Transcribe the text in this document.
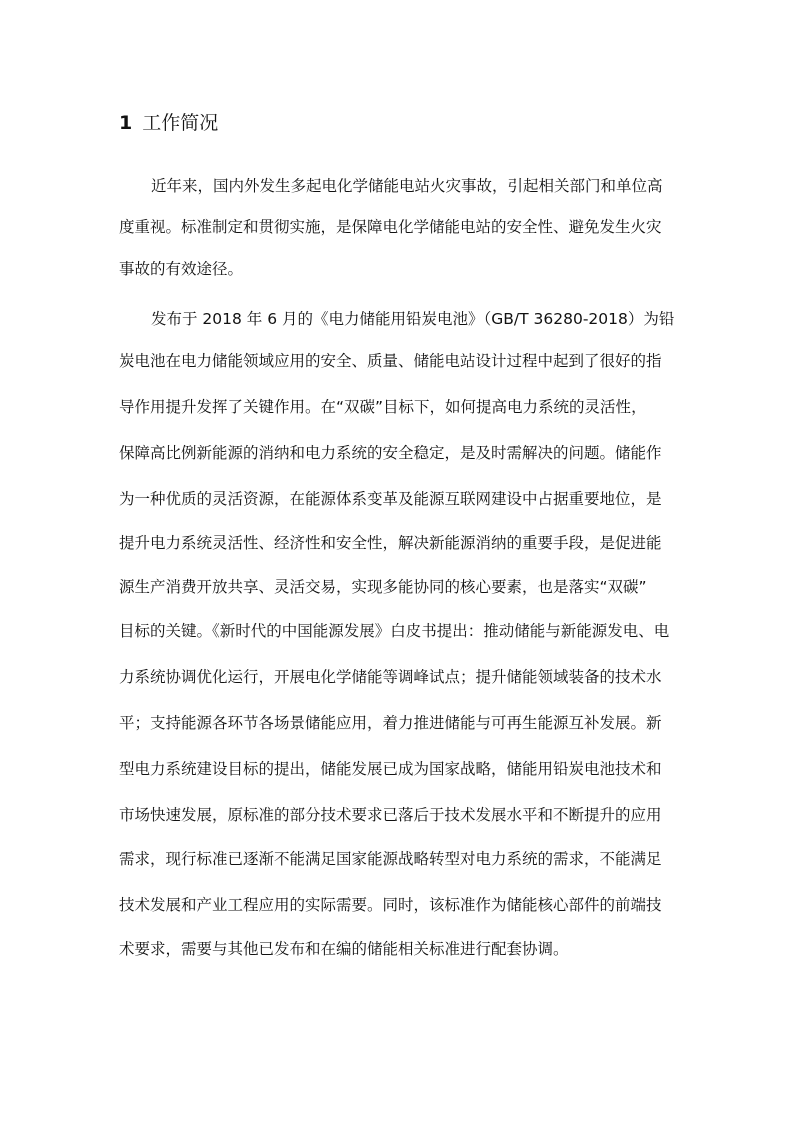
1 工作简况

近年来，国内外发生多起电化学储能电站火灾事故，引起相关部门和单位高

度重视。标准制定和贯彻实施，是保障电化学储能电站的安全性、避免发生火灾

事故的有效途径。

发布于 2018 年 6 月的《电力储能用铅炭电池》（GB/T 36280-2018）为铅

炭电池在电力储能领域应用的安全、质量、储能电站设计过程中起到了很好的指

导作用提升发挥了关键作用。在“双碳”目标下，如何提高电力系统的灵活性，

保障高比例新能源的消纳和电力系统的安全稳定，是及时需解决的问题。储能作

为一种优质的灵活资源，在能源体系变革及能源互联网建设中占据重要地位，是

提升电力系统灵活性、经济性和安全性，解决新能源消纳的重要手段，是促进能

源生产消费开放共享、灵活交易，实现多能协同的核心要素，也是落实“双碳”

目标的关键。《新时代的中国能源发展》白皮书提出：推动储能与新能源发电、电

力系统协调优化运行，开展电化学储能等调峰试点；提升储能领域装备的技术水

平；支持能源各环节各场景储能应用，着力推进储能与可再生能源互补发展。新

型电力系统建设目标的提出，储能发展已成为国家战略，储能用铅炭电池技术和

市场快速发展，原标准的部分技术要求已落后于技术发展水平和不断提升的应用

需求，现行标准已逐渐不能满足国家能源战略转型对电力系统的需求，不能满足

技术发展和产业工程应用的实际需要。同时，该标准作为储能核心部件的前端技

术要求，需要与其他已发布和在编的储能相关标准进行配套协调。
